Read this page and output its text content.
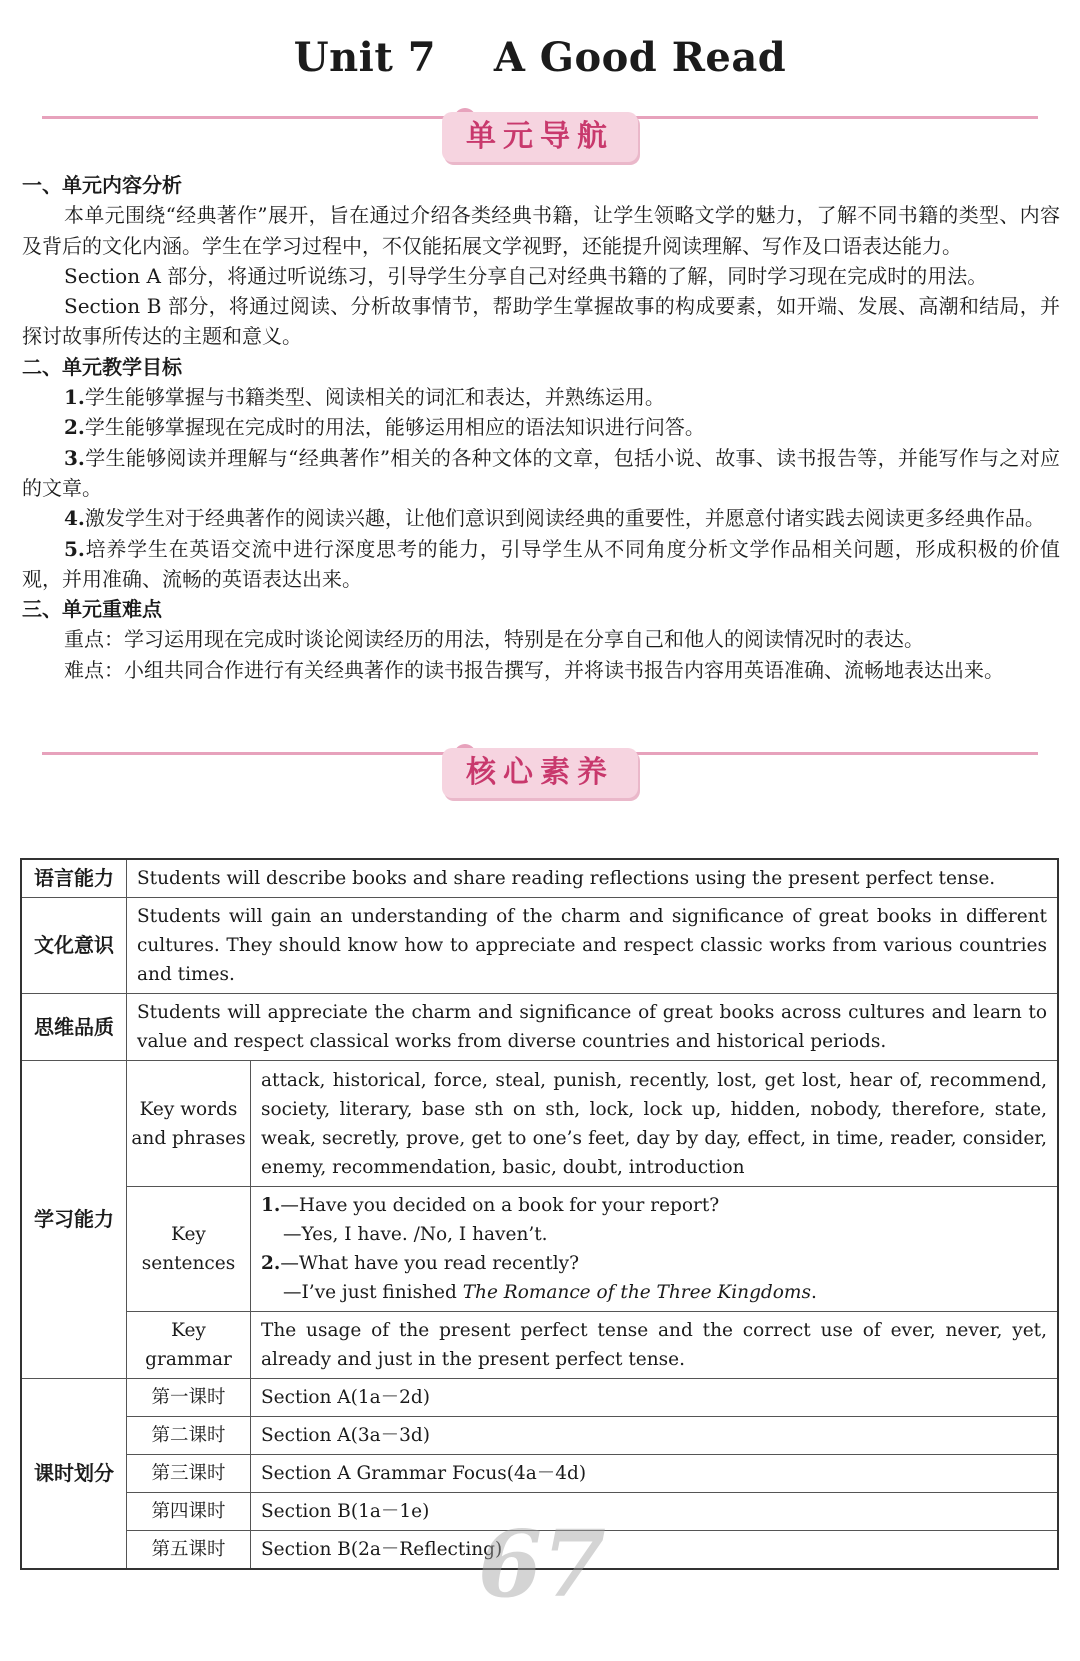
Unit 7    A Good Read
单元导航

一、单元内容分析

本单元围绕“经典著作”展开，旨在通过介绍各类经典书籍，让学生领略文学的魅力，了解不同书籍的类型、内容及背后的文化内涵。学生在学习过程中，不仅能拓展文学视野，还能提升阅读理解、写作及口语表达能力。

Section A 部分，将通过听说练习，引导学生分享自己对经典书籍的了解，同时学习现在完成时的用法。

Section B 部分，将通过阅读、分析故事情节，帮助学生掌握故事的构成要素，如开端、发展、高潮和结局，并探讨故事所传达的主题和意义。

二、单元教学目标

1.学生能够掌握与书籍类型、阅读相关的词汇和表达，并熟练运用。

2.学生能够掌握现在完成时的用法，能够运用相应的语法知识进行问答。

3.学生能够阅读并理解与“经典著作”相关的各种文体的文章，包括小说、故事、读书报告等，并能写作与之对应的文章。

4.激发学生对于经典著作的阅读兴趣，让他们意识到阅读经典的重要性，并愿意付诸实践去阅读更多经典作品。

5.培养学生在英语交流中进行深度思考的能力，引导学生从不同角度分析文学作品相关问题，形成积极的价值观，并用准确、流畅的英语表达出来。

三、单元重难点

重点：学习运用现在完成时谈论阅读经历的用法，特别是在分享自己和他人的阅读情况时的表达。

难点：小组共同合作进行有关经典著作的读书报告撰写，并将读书报告内容用英语准确、流畅地表达出来。

核心素养
语言能力	Students will describe books and share reading reflections using the present perfect tense.	
文化意识	Students will gain an understanding of the charm and significance of great books in different cultures. They should know how to appreciate and respect classic works from various countries and times.	
思维品质	Students will appreciate the charm and significance of great books across cultures and learn to value and respect classical works from diverse countries and historical periods.	
学习能力	Key words and phrases	attack, historical, force, steal, punish, recently, lost, get lost, hear of, recommend, society, literary, base sth on sth, lock, lock up, hidden, nobody, therefore, state, weak, secretly, prove, get to one’s feet, day by day, effect, in time, reader, consider, enemy, recommendation, basic, doubt, introduction
	Key sentences	1.—Have you decided on a book for your report?

—Yes, I have. /No, I haven’t.

2.—What have you read recently?

—I’ve just finished The Romance of the Three Kingdoms.

	Key grammar	The usage of the present perfect tense and the correct use of ever, never, yet, already and just in the present perfect tense.
课时划分	第一课时	Section A(1a－2d)
	第二课时	Section A(3a－3d)
	第三课时	Section A Grammar Focus(4a－4d)
	第四课时	Section B(1a－1e)
	第五课时	Section B(2a－Reflecting)
67
